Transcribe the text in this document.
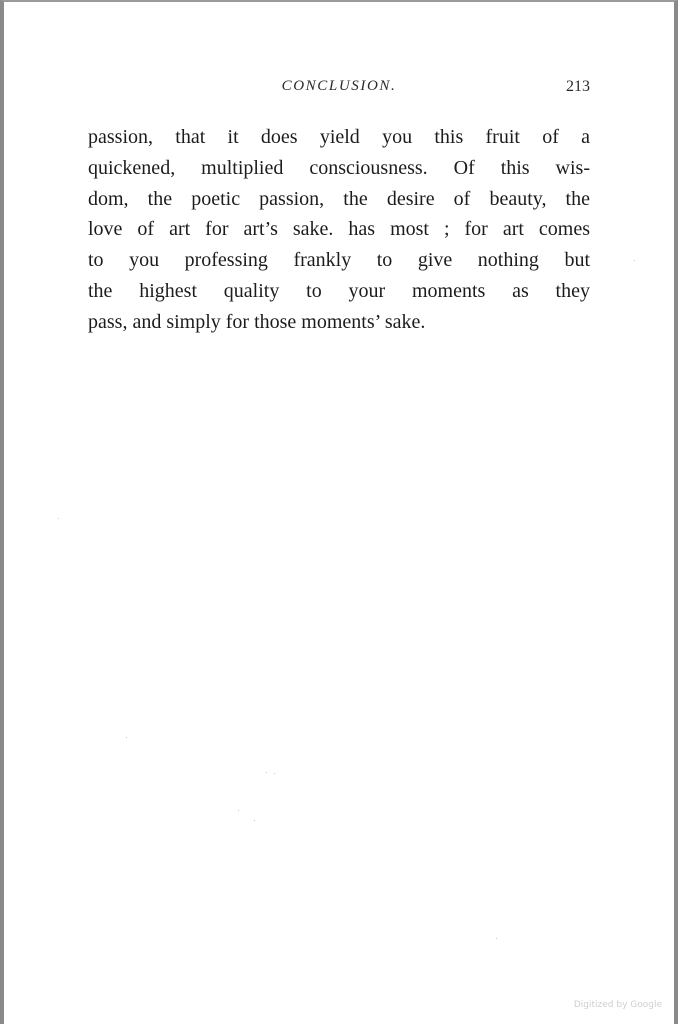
CONCLUSION.	213
passion, that it does yield you this fruit of a
quickened, multiplied consciousness. Of this wis-
dom, the poetic passion, the desire of beauty, the
love of art for art’s sake. has most ; for art comes
to you professing frankly to give nothing but
the highest quality to your moments as they
pass, and simply for those moments’ sake.
Digitized by Google
